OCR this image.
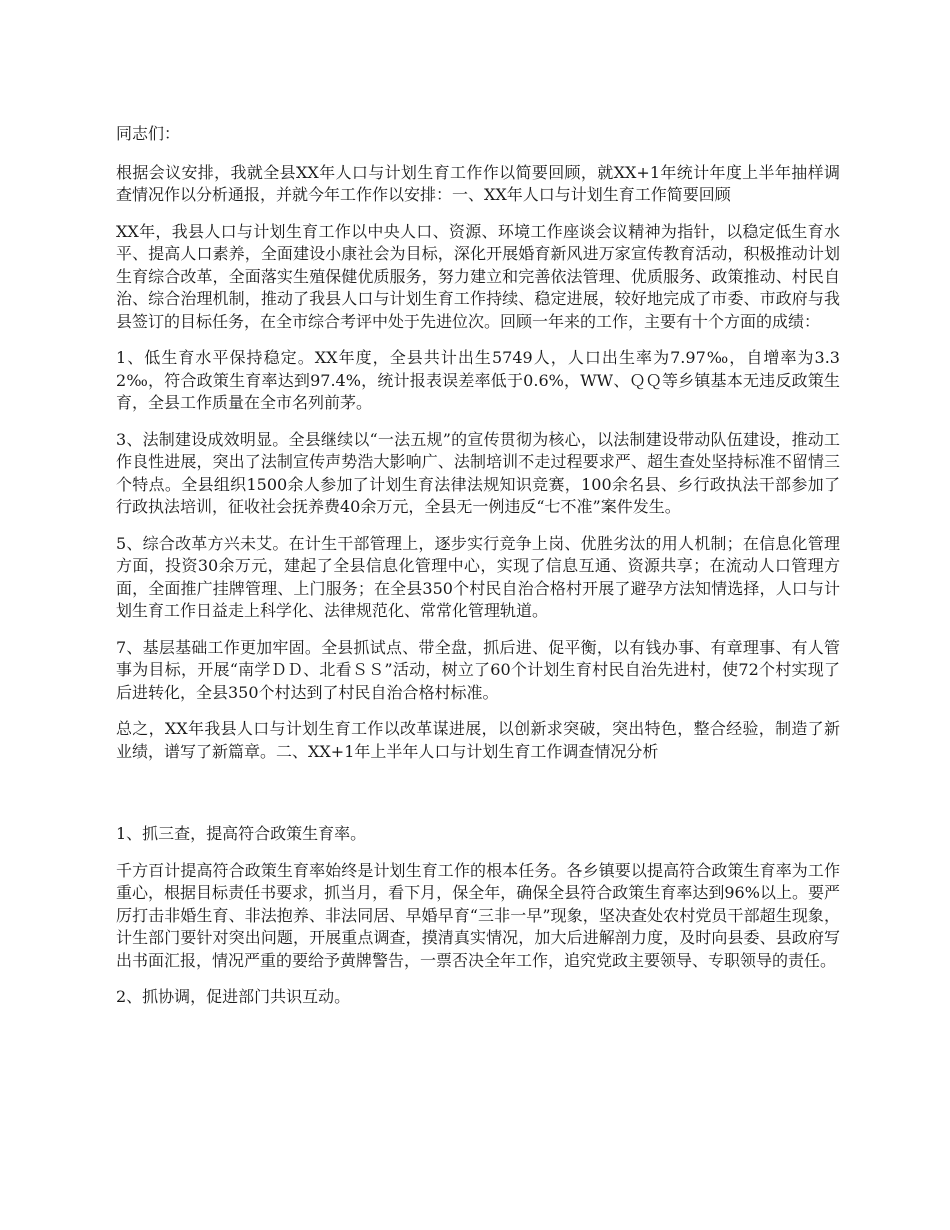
同志们：

根据会议安排，我就全县XX年人口与计划生育工作作以简要回顾，就XX+1年统计年度上半年抽样调查情况作以分析通报，并就今年工作作以安排：一、XX年人口与计划生育工作简要回顾

XX年，我县人口与计划生育工作以中央人口、资源、环境工作座谈会议精神为指针，以稳定低生育水平、提高人口素养，全面建设小康社会为目标，深化开展婚育新风进万家宣传教育活动，积极推动计划生育综合改革，全面落实生殖保健优质服务，努力建立和完善依法管理、优质服务、政策推动、村民自治、综合治理机制，推动了我县人口与计划生育工作持续、稳定进展，较好地完成了市委、市政府与我县签订的目标任务，在全市综合考评中处于先进位次。回顾一年来的工作，主要有十个方面的成绩：

1、低生育水平保持稳定。XX年度，全县共计出生5749人，人口出生率为7.97‰，自增率为3.32‰，符合政策生育率达到97.4%，统计报表误差率低于0.6%，WW、ＱＱ等乡镇基本无违反政策生育，全县工作质量在全市名列前茅。

3、法制建设成效明显。全县继续以“一法五规”的宣传贯彻为核心，以法制建设带动队伍建设，推动工作良性进展，突出了法制宣传声势浩大影响广、法制培训不走过程要求严、超生查处坚持标准不留情三个特点。全县组织1500余人参加了计划生育法律法规知识竞赛，100余名县、乡行政执法干部参加了行政执法培训，征收社会抚养费40余万元，全县无一例违反“七不准”案件发生。

5、综合改革方兴未艾。在计生干部管理上，逐步实行竞争上岗、优胜劣汰的用人机制；在信息化管理方面，投资30余万元，建起了全县信息化管理中心，实现了信息互通、资源共享；在流动人口管理方面，全面推广挂牌管理、上门服务；在全县350个村民自治合格村开展了避孕方法知情选择，人口与计划生育工作日益走上科学化、法律规范化、常常化管理轨道。

7、基层基础工作更加牢固。全县抓试点、带全盘，抓后进、促平衡，以有钱办事、有章理事、有人管事为目标，开展“南学ＤＤ、北看ＳＳ”活动，树立了60个计划生育村民自治先进村，使72个村实现了后进转化，全县350个村达到了村民自治合格村标准。

总之，XX年我县人口与计划生育工作以改革谋进展，以创新求突破，突出特色，整合经验，制造了新业绩，谱写了新篇章。二、XX+1年上半年人口与计划生育工作调查情况分析

1、抓三查，提高符合政策生育率。

千方百计提高符合政策生育率始终是计划生育工作的根本任务。各乡镇要以提高符合政策生育率为工作重心，根据目标责任书要求，抓当月，看下月，保全年，确保全县符合政策生育率达到96%以上。要严厉打击非婚生育、非法抱养、非法同居、早婚早育“三非一早”现象，坚决查处农村党员干部超生现象，计生部门要针对突出问题，开展重点调查，摸清真实情况，加大后进解剖力度，及时向县委、县政府写出书面汇报，情况严重的要给予黄牌警告，一票否决全年工作，追究党政主要领导、专职领导的责任。

2、抓协调，促进部门共识互动。
